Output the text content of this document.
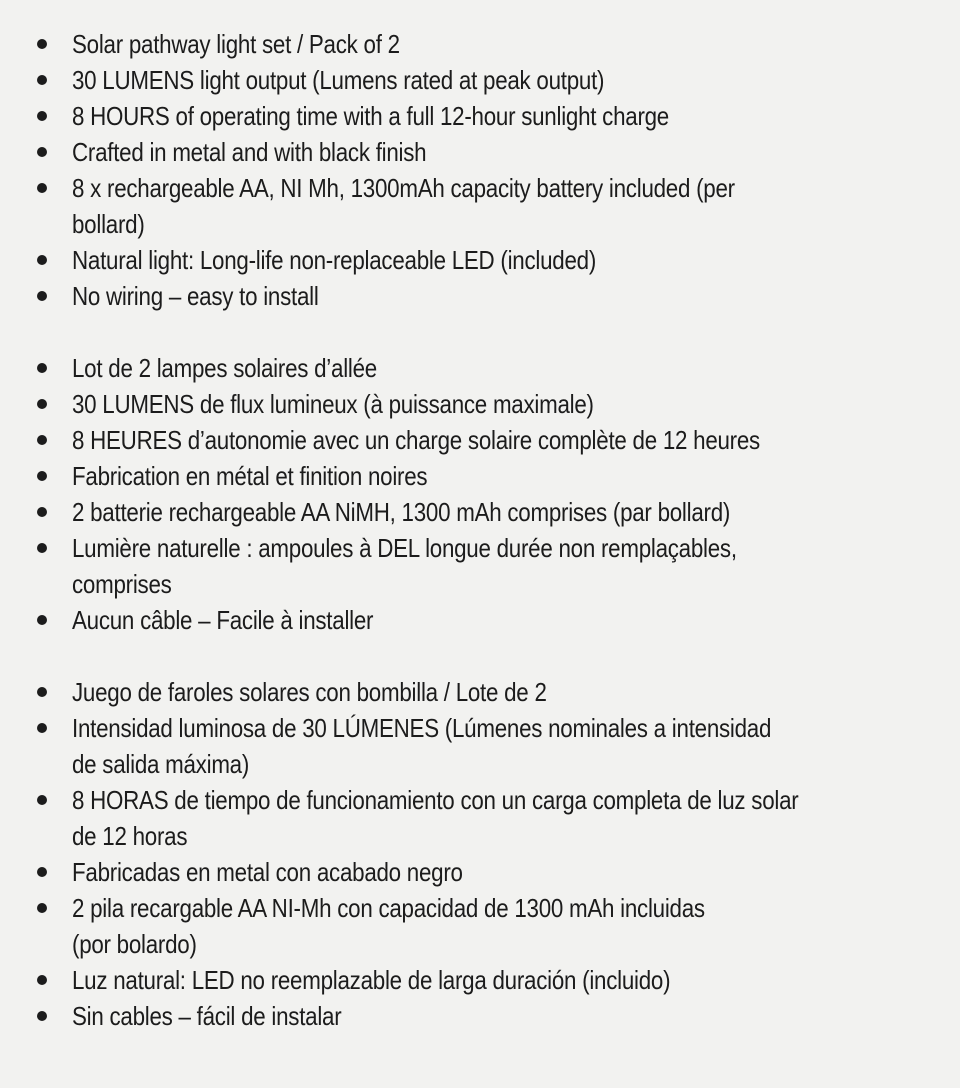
Solar pathway light set / Pack of 2
30 LUMENS light output (Lumens rated at peak output)
8 HOURS of operating time with a full 12-hour sunlight charge
Crafted in metal and with black finish
8 x rechargeable AA, NI Mh, 1300mAh capacity battery included (per
bollard)
Natural light: Long-life non-replaceable LED (included)
No wiring – easy to install
Lot de 2 lampes solaires d’allée
30 LUMENS de flux lumineux (à puissance maximale)
8 HEURES d’autonomie avec un charge solaire complète de 12 heures
Fabrication en métal et finition noires
2 batterie rechargeable AA NiMH, 1300 mAh comprises (par bollard)
Lumière naturelle : ampoules à DEL longue durée non remplaçables,
comprises
Aucun câble – Facile à installer
Juego de faroles solares con bombilla / Lote de 2
Intensidad luminosa de 30 LÚMENES (Lúmenes nominales a intensidad
de salida máxima)
8 HORAS de tiempo de funcionamiento con un carga completa de luz solar
de 12 horas
Fabricadas en metal con acabado negro
2 pila recargable AA NI-Mh con capacidad de 1300 mAh incluidas
(por bolardo)
Luz natural: LED no reemplazable de larga duración (incluido)
Sin cables – fácil de instalar
